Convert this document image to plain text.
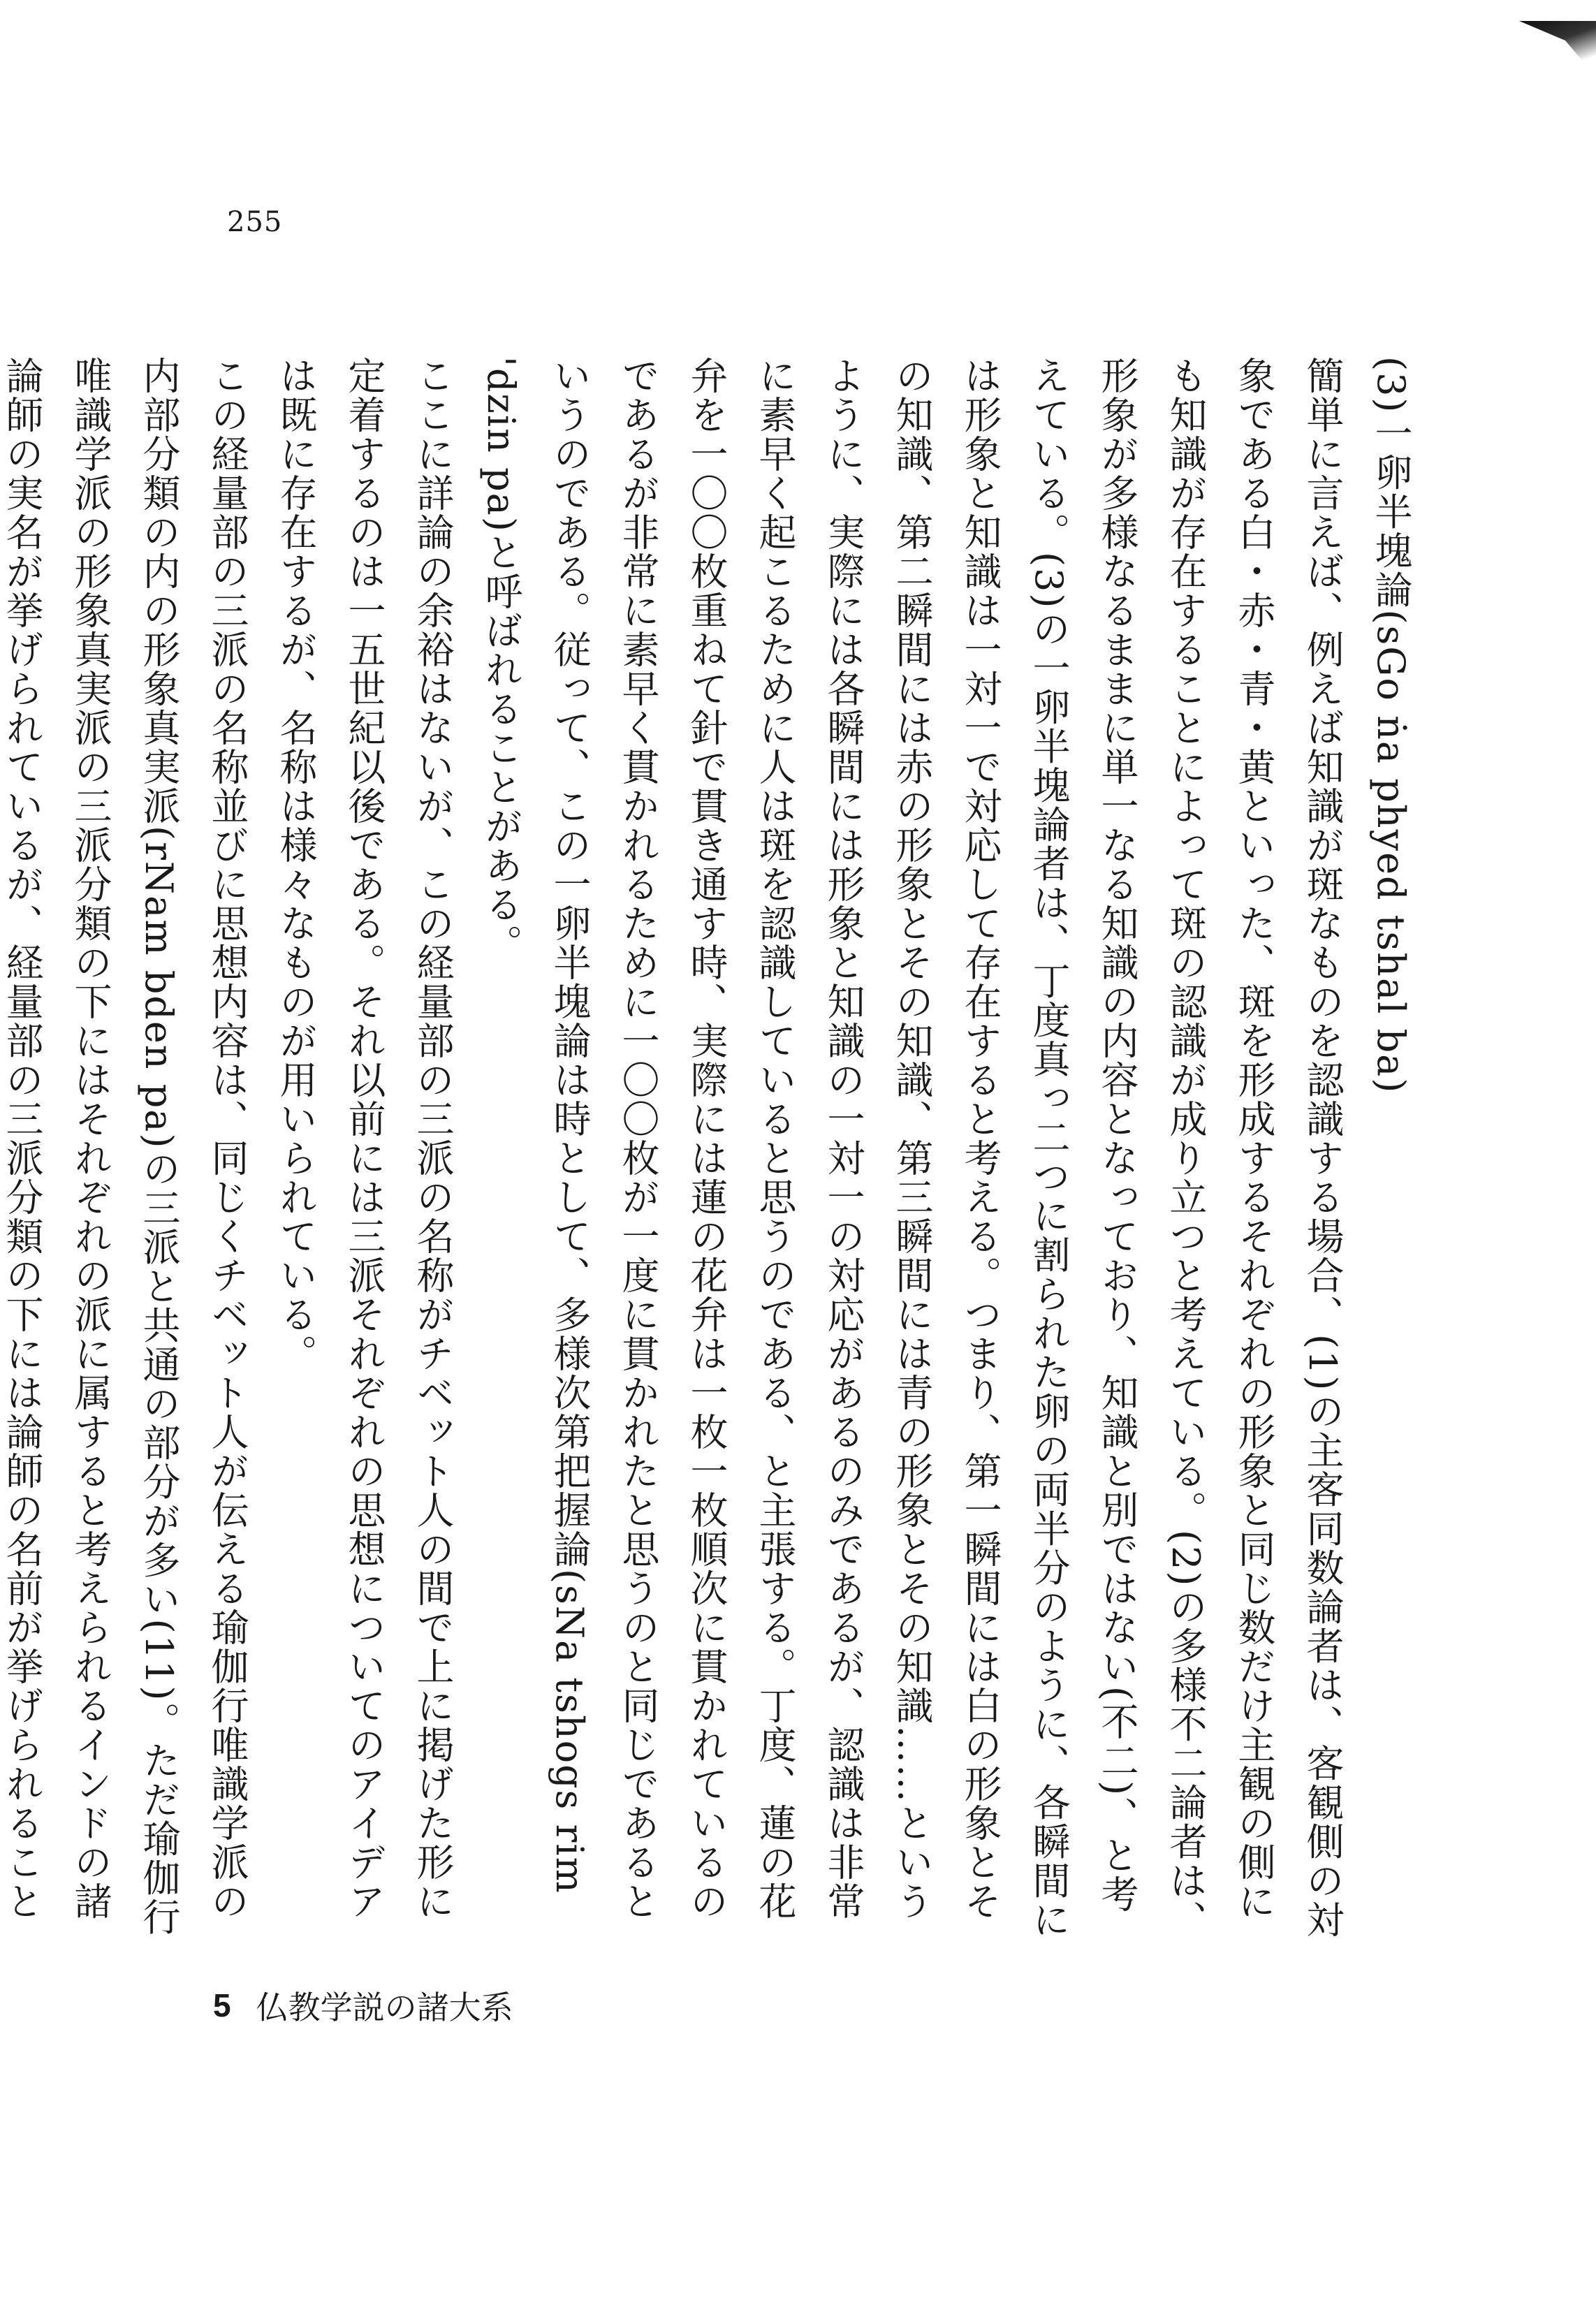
255
(3)一卵半塊論(sGo ṅa phyed tshal ba)

簡単に言えば、例えば知識が斑なものを認識する場合、(1)の主客同数論者は、客観側の対象である白・赤・青・黄といった、斑を形成するそれぞれの形象と同じ数だけ主観の側にも知識が存在することによって斑の認識が成り立つと考えている。(2)の多様不二論者は、形象が多様なるままに単一なる知識の内容となっており、知識と別ではない(不二)、と考えている。(3)の一卵半塊論者は、丁度真っ二つに割られた卵の両半分のように、各瞬間には形象と知識は一対一で対応して存在すると考える。つまり、第一瞬間には白の形象とその知識、第二瞬間には赤の形象とその知識、第三瞬間には青の形象とその知識……というように、実際には各瞬間には形象と知識の一対一の対応があるのみであるが、認識は非常に素早く起こるために人は斑を認識していると思うのである、と主張する。丁度、蓮の花弁を一〇〇枚重ねて針で貫き通す時、実際には蓮の花弁は一枚一枚順次に貫かれているのであるが非常に素早く貫かれるために一〇〇枚が一度に貫かれたと思うのと同じであるというのである。従って、この一卵半塊論は時として、多様次第把握論(sNa tshogs rim 'dzin pa)と呼ばれることがある。

ここに詳論の余裕はないが、この経量部の三派の名称がチベット人の間で上に掲げた形に定着するのは一五世紀以後である。それ以前には三派それぞれの思想についてのアイデアは既に存在するが、名称は様々なものが用いられている。

この経量部の三派の名称並びに思想内容は、同じくチベット人が伝える瑜伽行唯識学派の内部分類の内の形象真実派(rNam bden pa)の三派と共通の部分が多い(11)。ただ瑜伽行唯識学派の形象真実派の三派分類の下にはそれぞれの派に属すると考えられるインドの諸論師の実名が挙げられているが、経量部の三派分類の下には論師の名前が挙げられること

5 仏教学説の諸大系
